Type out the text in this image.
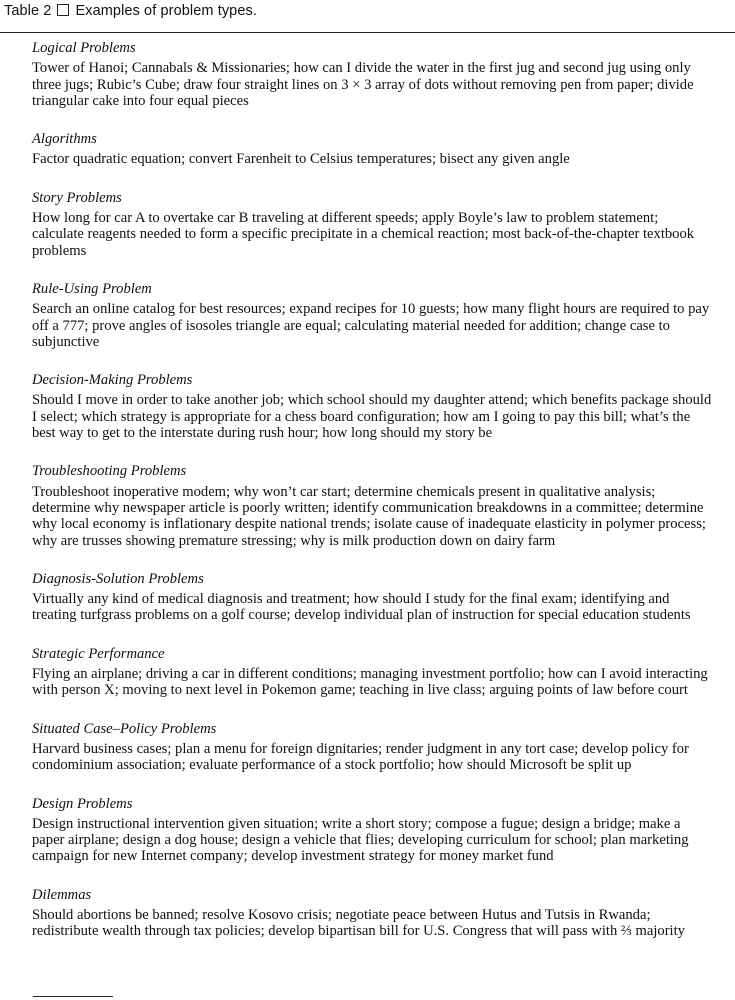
Table 2 Examples of problem types.
Logical Problems

Tower of Hanoi; Cannabals & Missionaries; how can I divide the water in the first jug and second jug using only three jugs; Rubic’s Cube; draw four straight lines on 3 × 3 array of dots without removing pen from paper; divide triangular cake into four equal pieces

Algorithms

Factor quadratic equation; convert Farenheit to Celsius temperatures; bisect any given angle

Story Problems

How long for car A to overtake car B traveling at different speeds; apply Boyle’s law to problem statement; calculate reagents needed to form a specific precipitate in a chemical reaction; most back-of-the-chapter textbook problems

Rule-Using Problem

Search an online catalog for best resources; expand recipes for 10 guests; how many flight hours are required to pay off a 777; prove angles of isosoles triangle are equal; calculating material needed for addition; change case to subjunctive

Decision-Making Problems

Should I move in order to take another job; which school should my daughter attend; which benefits package should I select; which strategy is appropriate for a chess board configuration; how am I going to pay this bill; what’s the best way to get to the interstate during rush hour; how long should my story be

Troubleshooting Problems

Troubleshoot inoperative modem; why won’t car start; determine chemicals present in qualitative analysis; determine why newspaper article is poorly written; identify communication breakdowns in a committee; determine why local economy is inflationary despite national trends; isolate cause of inadequate elasticity in polymer process; why are trusses showing premature stressing; why is milk production down on dairy farm

Diagnosis-Solution Problems

Virtually any kind of medical diagnosis and treatment; how should I study for the final exam; identifying and treating turfgrass problems on a golf course; develop individual plan of instruction for special education students

Strategic Performance

Flying an airplane; driving a car in different conditions; managing investment portfolio; how can I avoid interacting with person X; moving to next level in Pokemon game; teaching in live class; arguing points of law before court

Situated Case–Policy Problems

Harvard business cases; plan a menu for foreign dignitaries; render judgment in any tort case; develop policy for condominium association; evaluate performance of a stock portfolio; how should Microsoft be split up

Design Problems

Design instructional intervention given situation; write a short story; compose a fugue; design a bridge; make a paper airplane; design a dog house; design a vehicle that flies; developing curriculum for school; plan marketing campaign for new Internet company; develop investment strategy for money market fund

Dilemmas

Should abortions be banned; resolve Kosovo crisis; negotiate peace between Hutus and Tutsis in Rwanda; redistribute wealth through tax policies; develop bipartisan bill for U.S. Congress that will pass with ⅔ majority
